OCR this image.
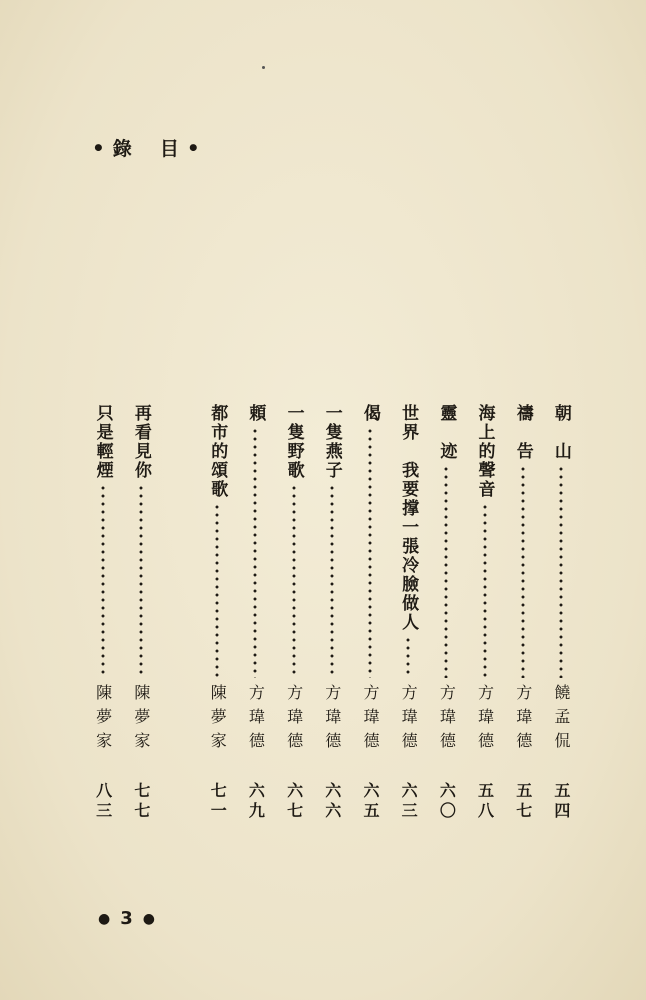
• 錄 目 •
朝　山
饒孟侃
五四
禱　告
方瑋德
五七
海上的聲音
方瑋德
五八
靈　迹
方瑋德
六〇
世界　我要撑一張冷臉做人
方瑋德
六三
偈
方瑋德
六五
一隻燕子
方瑋德
六六
一隻野歌
方瑋德
六七
頼
方瑋德
六九
都市的頌歌
陳夢家
七一
再看見你
陳夢家
七七
只是輕煙
陳夢家
八三
● 3 ●
